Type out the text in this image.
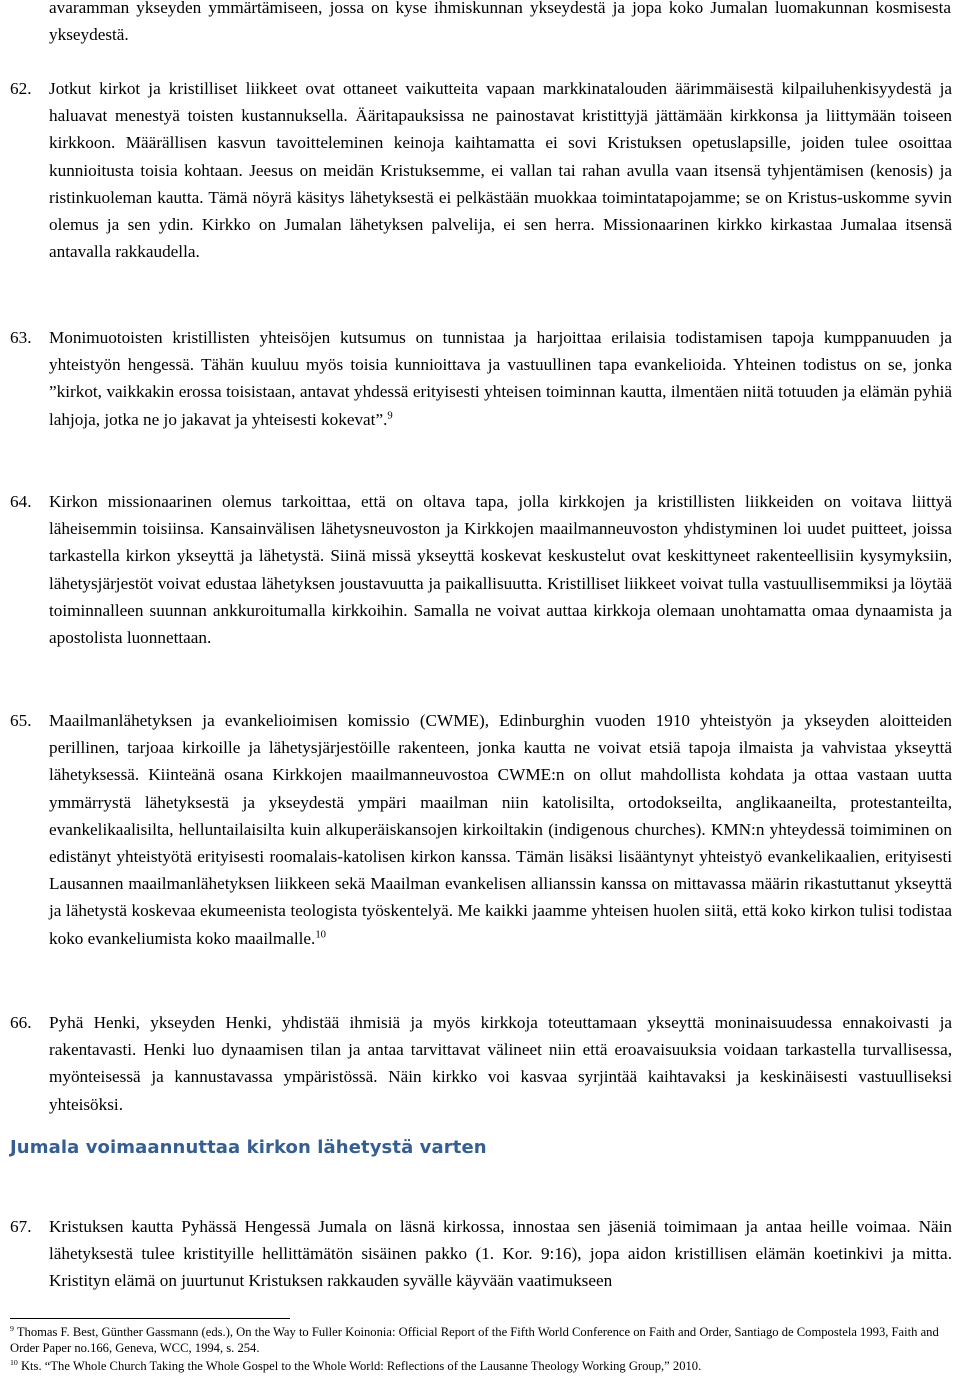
avaramman ykseyden ymmärtämiseen, jossa on kyse ihmiskunnan ykseydestä ja jopa koko Jumalan luomakunnan kosmisesta ykseydestä.
62.	Jotkut kirkot ja kristilliset liikkeet ovat ottaneet vaikutteita vapaan markkinatalouden äärimmäisestä kilpailuhenkisyydestä ja haluavat menestyä toisten kustannuksella. Ääritapauksissa ne painostavat kristittyjä jättämään kirkkonsa ja liittymään toiseen kirkkoon. Määrällisen kasvun tavoitteleminen keinoja kaihtamatta ei sovi Kristuksen opetuslapsille, joiden tulee osoittaa kunnioitusta toisia kohtaan. Jeesus on meidän Kristuksemme, ei vallan tai rahan avulla vaan itsensä tyhjentämisen (kenosis) ja ristinkuoleman kautta. Tämä nöyrä käsitys lähetyksestä ei pelkästään muokkaa toimintatapojamme; se on Kristus-uskomme syvin olemus ja sen ydin. Kirkko on Jumalan lähetyksen palvelija, ei sen herra. Missionaarinen kirkko kirkastaa Jumalaa itsensä antavalla rakkaudella.
63.	Monimuotoisten kristillisten yhteisöjen kutsumus on tunnistaa ja harjoittaa erilaisia todistamisen tapoja kumppanuuden ja yhteistyön hengessä. Tähän kuuluu myös toisia kunnioittava ja vastuullinen tapa evankelioida. Yhteinen todistus on se, jonka ”kirkot, vaikkakin erossa toisistaan, antavat yhdessä erityisesti yhteisen toiminnan kautta, ilmentäen niitä totuuden ja elämän pyhiä lahjoja, jotka ne jo jakavat ja yhteisesti kokevat”.$^9$
64.	Kirkon missionaarinen olemus tarkoittaa, että on oltava tapa, jolla kirkkojen ja kristillisten liikkeiden on voitava liittyä läheisemmin toisiinsa. Kansainvälisen lähetysneuvoston ja Kirkkojen maailmanneuvoston yhdistyminen loi uudet puitteet, joissa tarkastella kirkon ykseyttä ja lähetystä. Siinä missä ykseyttä koskevat keskustelut ovat keskittyneet rakenteellisiin kysymyksiin, lähetysjärjestöt voivat edustaa lähetyksen joustavuutta ja paikallisuutta. Kristilliset liikkeet voivat tulla vastuullisemmiksi ja löytää toiminnalleen suunnan ankkuroitumalla kirkkoihin. Samalla ne voivat auttaa kirkkoja olemaan unohtamatta omaa dynaamista ja apostolista luonnettaan.
65.	Maailmanlähetyksen ja evankelioimisen komissio (CWME), Edinburghin vuoden 1910 yhteistyön ja ykseyden aloitteiden perillinen, tarjoaa kirkoille ja lähetysjärjestöille rakenteen, jonka kautta ne voivat etsiä tapoja ilmaista ja vahvistaa ykseyttä lähetyksessä. Kiinteänä osana Kirkkojen maailmanneuvostoa CWME:n on ollut mahdollista kohdata ja ottaa vastaan uutta ymmärrystä lähetyksestä ja ykseydestä ympäri maailman niin katolisilta, ortodokseilta, anglikaaneilta, protestanteilta, evankelikaalisilta, helluntailaisilta kuin alkuperäiskansojen kirkoiltakin (indigenous churches). KMN:n yhteydessä toimiminen on edistänyt yhteistyötä erityisesti roomalais-katolisen kirkon kanssa. Tämän lisäksi lisääntynyt yhteistyö evankelikaalien, erityisesti Lausannen maailmanlähetyksen liikkeen sekä Maailman evankelisen allianssin kanssa on mittavassa määrin rikastuttanut ykseyttä ja lähetystä koskevaa ekumeenista teologista työskentelyä. Me kaikki jaamme yhteisen huolen siitä, että koko kirkon tulisi todistaa koko evankeliumista koko maailmalle.$^{10}$
66.	Pyhä Henki, ykseyden Henki, yhdistää ihmisiä ja myös kirkkoja toteuttamaan ykseyttä moninaisuudessa ennakoivasti ja rakentavasti. Henki luo dynaamisen tilan ja antaa tarvittavat välineet niin että eroavaisuuksia voidaan tarkastella turvallisessa, myönteisessä ja kannustavassa ympäristössä. Näin kirkko voi kasvaa syrjintää kaihtavaksi ja keskinäisesti vastuulliseksi yhteisöksi.
Jumala voimaannuttaa kirkon lähetystä varten
67.	Kristuksen kautta Pyhässä Hengessä Jumala on läsnä kirkossa, innostaa sen jäseniä toimimaan ja antaa heille voimaa. Näin lähetyksestä tulee kristityille hellittämätön sisäinen pakko (1. Kor. 9:16), jopa aidon kristillisen elämän koetinkivi ja mitta. Kristityn elämä on juurtunut Kristuksen rakkauden syvälle käyvään vaatimukseen
$^9$ Thomas F. Best, Günther Gassmann (eds.), On the Way to Fuller Koinonia: Official Report of the Fifth World Conference on Faith and Order, Santiago de Compostela 1993, Faith and Order Paper no.166, Geneva, WCC, 1994, s. 254.
$^{10}$ Kts. “The Whole Church Taking the Whole Gospel to the Whole World: Reflections of the Lausanne Theology Working Group,” 2010.
